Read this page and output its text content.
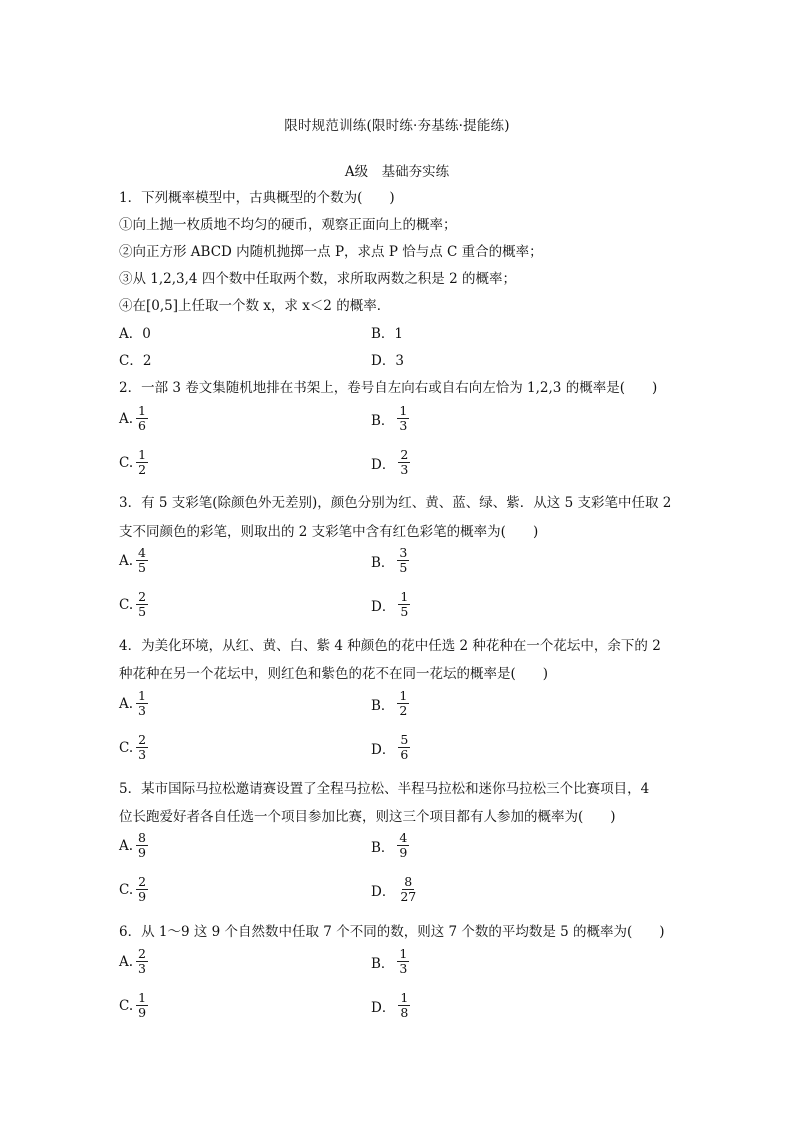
限时规范训练(限时练·夯基练·提能练)
A级　基础夯实练
1．下列概率模型中，古典概型的个数为(　　)
①向上抛一枚质地不均匀的硬币，观察正面向上的概率；
②向正方形 ABCD 内随机抛掷一点 P，求点 P 恰与点 C 重合的概率；
③从 1,2,3,4 四个数中任取两个数，求所取两数之积是 2 的概率；
④在[0,5]上任取一个数 x，求 x＜2 的概率．
A．0	B．1
C．2	D．3
2．一部 3 卷文集随机地排在书架上，卷号自左向右或自右向左恰为 1,2,3 的概率是(　　)
A. $\frac{1}{6}$	B． $\frac{1}{3}$
C. $\frac{1}{2}$	D． $\frac{2}{3}$
3．有 5 支彩笔(除颜色外无差别)，颜色分别为红、黄、蓝、绿、紫．从这 5 支彩笔中任取 2
支不同颜色的彩笔，则取出的 2 支彩笔中含有红色彩笔的概率为(　　)
A. $\frac{4}{5}$	B． $\frac{3}{5}$
C. $\frac{2}{5}$	D． $\frac{1}{5}$
4．为美化环境，从红、黄、白、紫 4 种颜色的花中任选 2 种花种在一个花坛中，余下的 2
种花种在另一个花坛中，则红色和紫色的花不在同一花坛的概率是(　　)
A. $\frac{1}{3}$	B． $\frac{1}{2}$
C. $\frac{2}{3}$	D． $\frac{5}{6}$
5．某市国际马拉松邀请赛设置了全程马拉松、半程马拉松和迷你马拉松三个比赛项目，4
位长跑爱好者各自任选一个项目参加比赛，则这三个项目都有人参加的概率为(　　)
A. $\frac{8}{9}$	B． $\frac{4}{9}$
C. $\frac{2}{9}$	D． $\frac{8}{27}$
6．从 1～9 这 9 个自然数中任取 7 个不同的数，则这 7 个数的平均数是 5 的概率为(　　)
A. $\frac{2}{3}$	B． $\frac{1}{3}$
C. $\frac{1}{9}$	D． $\frac{1}{8}$
